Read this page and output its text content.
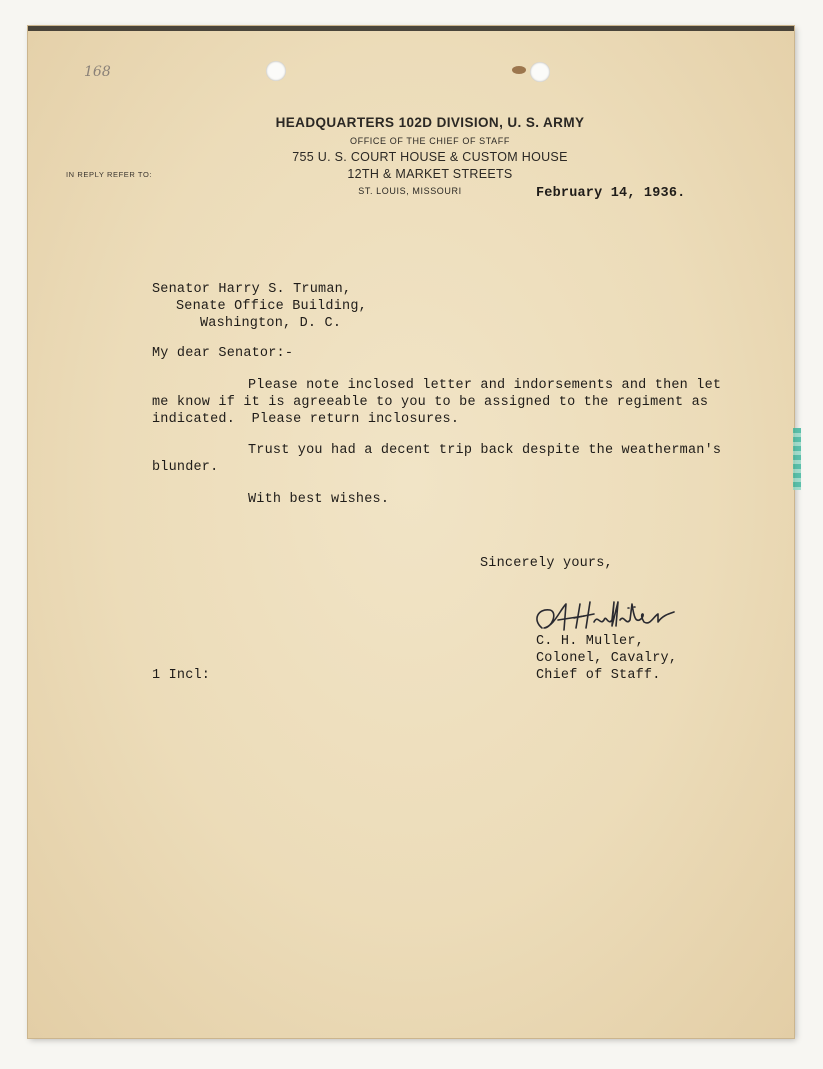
168
HEADQUARTERS 102D DIVISION, U. S. ARMY
OFFICE OF THE CHIEF OF STAFF
755 U. S. COURT HOUSE & CUSTOM HOUSE
12TH & MARKET STREETS
ST. LOUIS, MISSOURI
IN REPLY REFER TO:
February 14, 1936.
Senator Harry S. Truman,
Senate Office Building,
Washington, D. C.
My dear Senator:-
Please note inclosed letter and indorsements and then let
me know if it is agreeable to you to be assigned to the regiment as
indicated.  Please return inclosures.
Trust you had a decent trip back despite the weatherman's
blunder.
With best wishes.
Sincerely yours,
C. H. Muller,
Colonel, Cavalry,
Chief of Staff.
1 Incl:
